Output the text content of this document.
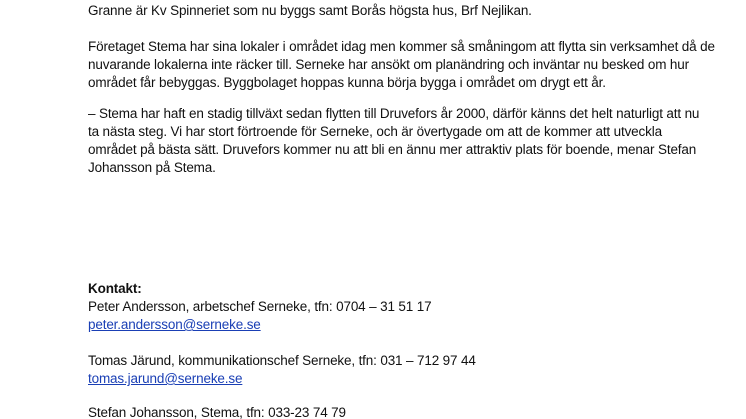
Granne är Kv Spinneriet som nu byggs samt Borås högsta hus, Brf Nejlikan.
Företaget Stema har sina lokaler i området idag men kommer så småningom att flytta sin verksamhet då de
nuvarande lokalerna inte räcker till. Serneke har ansökt om planändring och inväntar nu besked om hur
området får bebyggas. Byggbolaget hoppas kunna börja bygga i området om drygt ett år.
– Stema har haft en stadig tillväxt sedan flytten till Druvefors år 2000, därför känns det helt naturligt att nu
ta nästa steg. Vi har stort förtroende för Serneke, och är övertygade om att de kommer att utveckla
området på bästa sätt. Druvefors kommer nu att bli en ännu mer attraktiv plats för boende, menar Stefan
Johansson på Stema.
Kontakt:
Peter Andersson, arbetschef Serneke, tfn: 0704 – 31 51 17
peter.andersson@serneke.se
Tomas Järund, kommunikationschef Serneke, tfn: 031 – 712 97 44
tomas.jarund@serneke.se
Stefan Johansson, Stema, tfn: 033-23 74 79
